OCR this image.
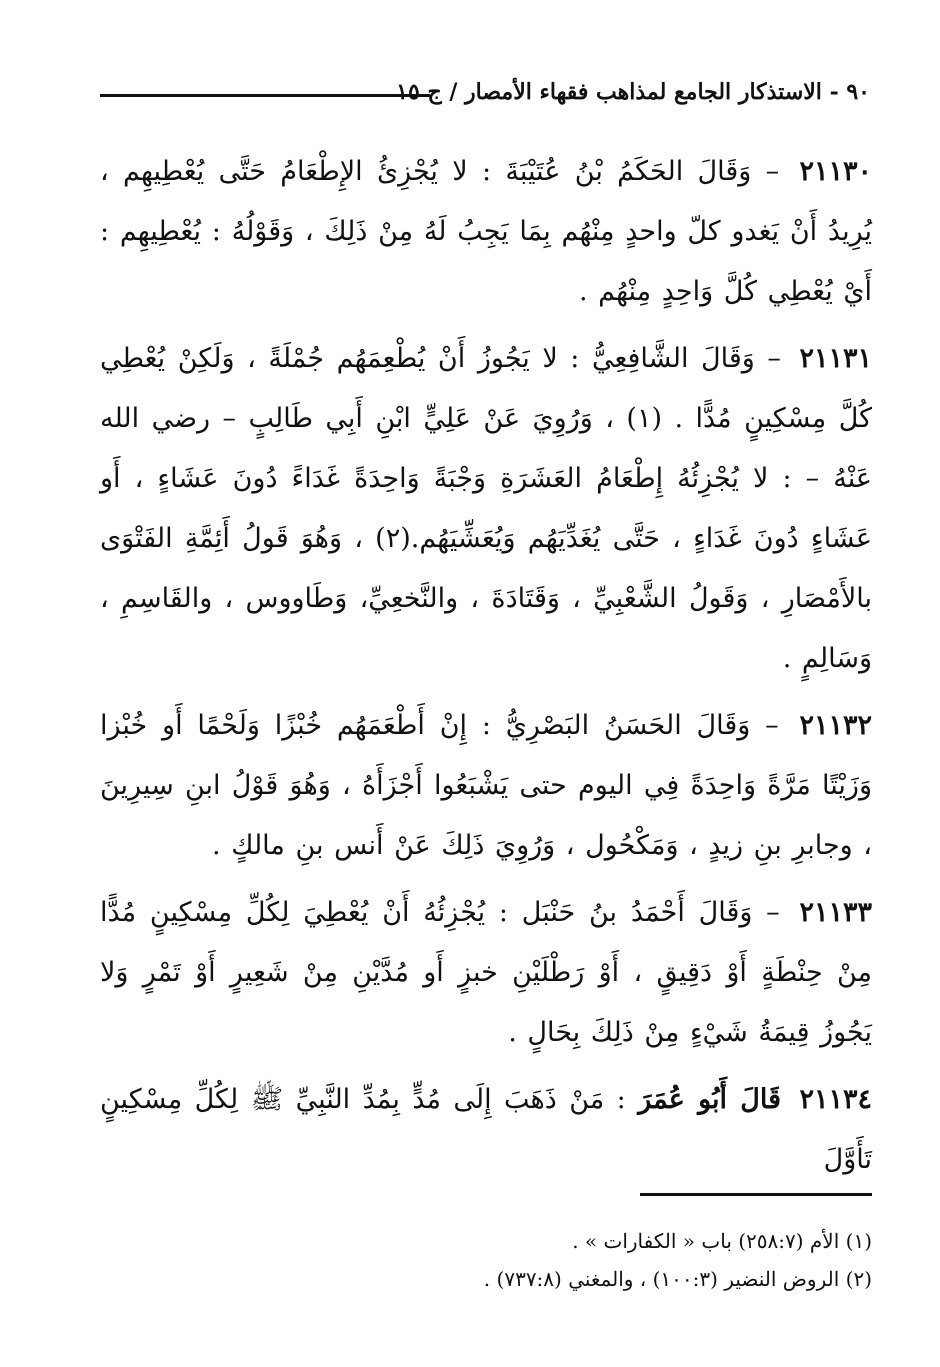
٩٠ - الاستذكار الجامع لمذاهب فقهاء الأمصار / ج ١٥

٢١١٣٠ – وَقَالَ الحَكَمُ بْنُ عُتَيْبَةَ : لا يُجْزِئُ الإِطْعَامُ حَتَّى يُعْطِيهِم ، يُرِيدُ أَنْ يَغدو كلّ واحدٍ مِنْهُم بِمَا يَجِبُ لَهُ مِنْ ذَلِكَ ، وَقَوْلُهُ : يُعْطِيهِم : أَيْ يُعْطِي كُلَّ وَاحِدٍ مِنْهُم .

٢١١٣١ – وَقَالَ الشَّافِعِيُّ : لا يَجُوزُ أَنْ يُطْعِمَهُم جُمْلَةً ، وَلَكِنْ يُعْطِي كُلَّ مِسْكِينٍ مُدًّا . (١) ، وَرُوِيَ عَنْ عَلِيٍّ ابْنِ أَبِي طَالِبٍ – رضي الله عَنْهُ – : لا يُجْزِئُهُ إِطْعَامُ العَشَرَةِ وَجْبَةً وَاحِدَةً غَدَاءً دُونَ عَشَاءٍ ، أَو عَشَاءٍ دُونَ غَدَاءٍ ، حَتَّى يُغَدِّيَهُم وَيُعَشِّيَهُم.(٢) ، وَهُوَ قَولُ أَئِمَّةِ الفَتْوَى بالأَمْصَارِ ، وَقَولُ الشَّعْبِيِّ ، وَقَتَادَةَ ، والنَّخعِيِّ، وَطَاووس ، والقَاسِمِ ، وَسَالِمٍ .

٢١١٣٢ – وَقَالَ الحَسَنُ البَصْرِيُّ : إِنْ أَطْعَمَهُم خُبْزًا وَلَحْمًا أَو خُبْزا وَزَيْتًا مَرَّةً وَاحِدَةً فِي اليوم حتى يَشْبَعُوا أَجْزَأَهُ ، وَهُوَ قَوْلُ ابنِ سِيرِينَ ، وجابرِ بنِ زيدٍ ، وَمَكْحُول ، وَرُوِيَ ذَلِكَ عَنْ أَنس بنِ مالكٍ .

٢١١٣٣ – وَقَالَ أَحْمَدُ بنُ حَنْبَل : يُجْزِئُهُ أَنْ يُعْطِيَ لِكُلِّ مِسْكِينٍ مُدًّا مِنْ حِنْطَةٍ أَوْ دَقِيقٍ ، أَوْ رَطْلَيْنِ خبزٍ أَو مُدَّيْنِ مِنْ شَعِيرٍ أَوْ تَمْرٍ وَلا يَجُوزُ قِيمَةُ شَيْءٍ مِنْ ذَلِكَ بِحَالٍ .

٢١١٣٤ قَالَ أَبُو عُمَرَ : مَنْ ذَهَبَ إِلَى مُدٍّ بِمُدِّ النَّبِيِّ ﷺ لِكُلِّ مِسْكِينٍ تَأَوَّلَ

(١) الأم (٢٥٨:٧) باب « الكفارات » .

(٢) الروض النضير (١٠٠:٣) ، والمغني (٧٣٧:٨) .
